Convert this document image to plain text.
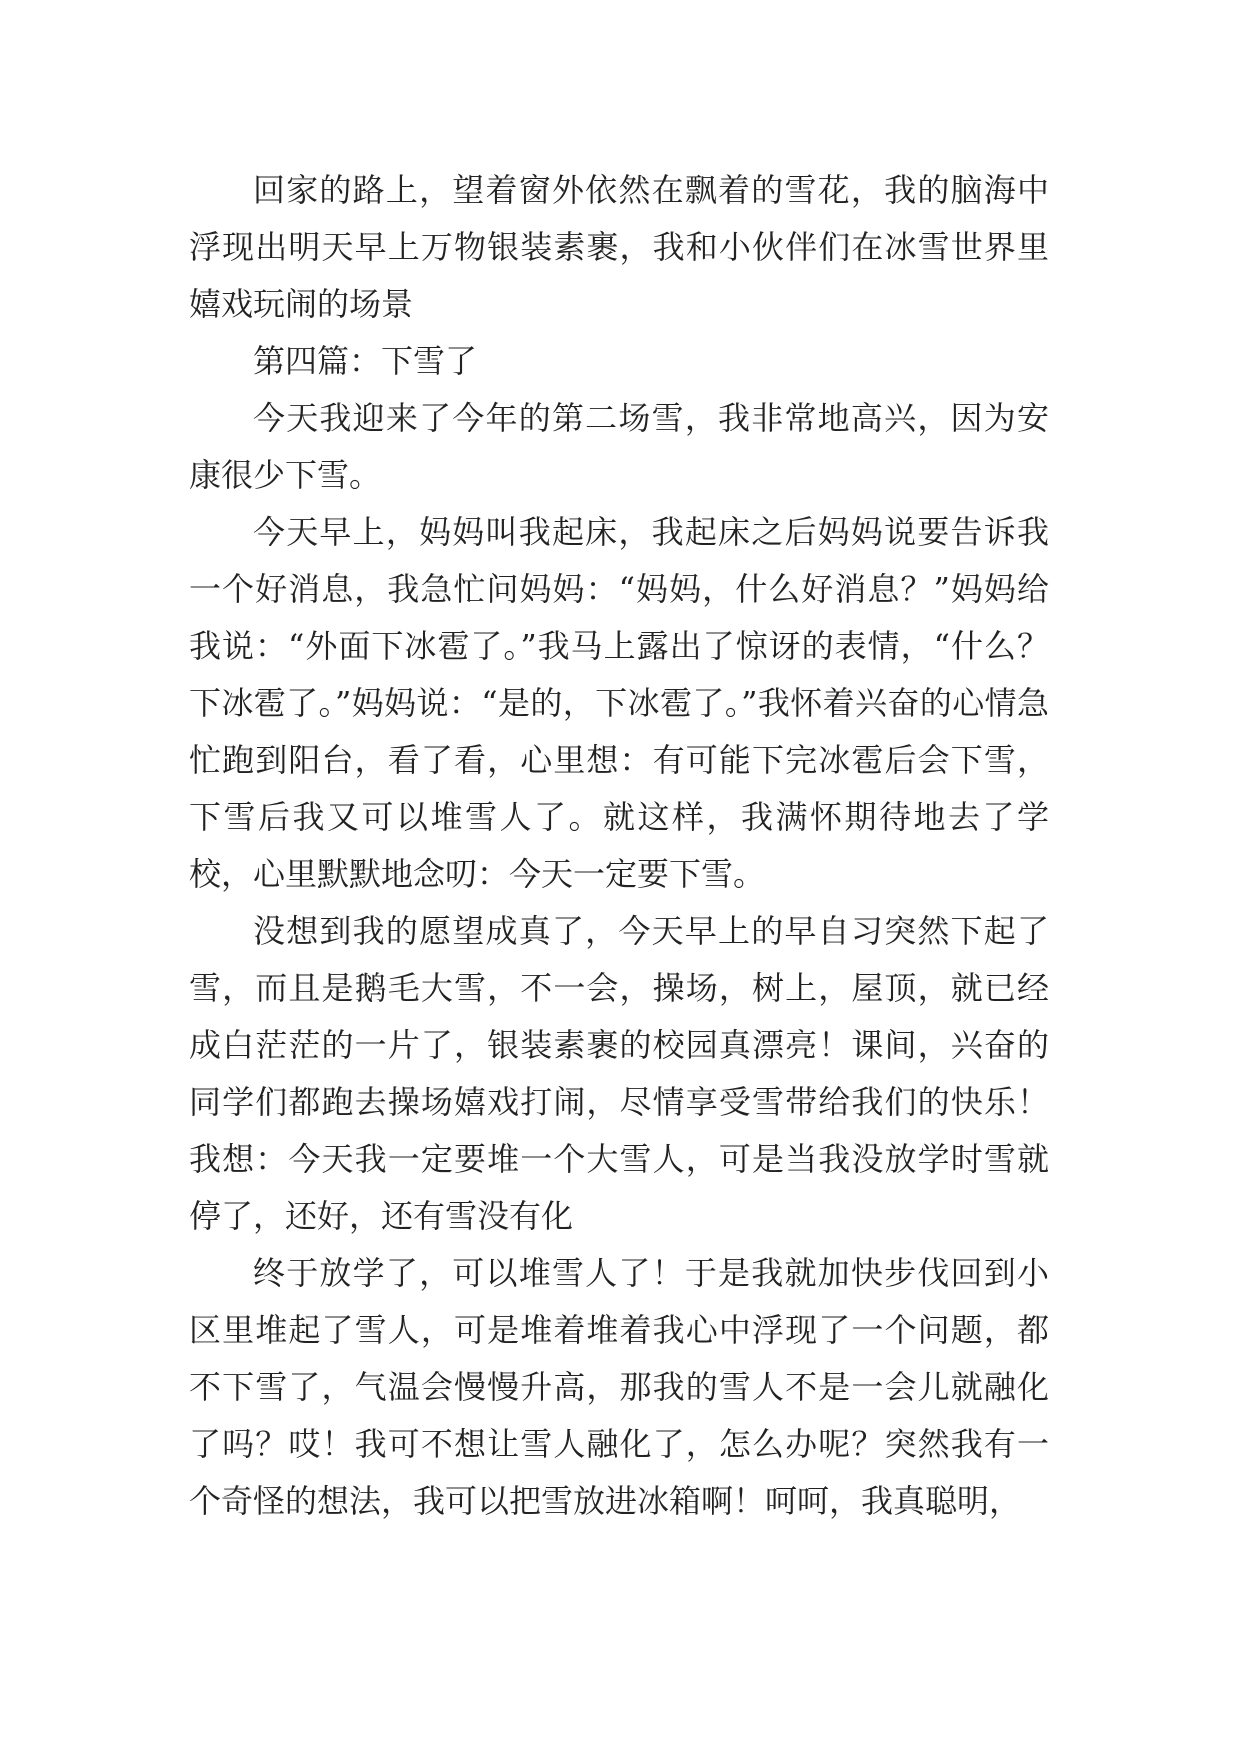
回家的路上，望着窗外依然在飘着的雪花，我的脑海中浮现出明天早上万物银装素裹，我和小伙伴们在冰雪世界里嬉戏玩闹的场景

第四篇：下雪了

今天我迎来了今年的第二场雪，我非常地高兴，因为安康很少下雪。

今天早上，妈妈叫我起床，我起床之后妈妈说要告诉我一个好消息，我急忙问妈妈：“妈妈，什么好消息？”妈妈给我说：“外面下冰雹了。”我马上露出了惊讶的表情，“什么？下冰雹了。”妈妈说：“是的，下冰雹了。”我怀着兴奋的心情急忙跑到阳台，看了看，心里想：有可能下完冰雹后会下雪，下雪后我又可以堆雪人了。就这样，我满怀期待地去了学校，心里默默地念叨：今天一定要下雪。

没想到我的愿望成真了，今天早上的早自习突然下起了雪，而且是鹅毛大雪，不一会，操场，树上，屋顶，就已经成白茫茫的一片了，银装素裹的校园真漂亮！课间，兴奋的同学们都跑去操场嬉戏打闹，尽情享受雪带给我们的快乐！我想：今天我一定要堆一个大雪人，可是当我没放学时雪就停了，还好，还有雪没有化

终于放学了，可以堆雪人了！于是我就加快步伐回到小区里堆起了雪人，可是堆着堆着我心中浮现了一个问题，都不下雪了，气温会慢慢升高，那我的雪人不是一会儿就融化了吗？哎！我可不想让雪人融化了，怎么办呢？突然我有一个奇怪的想法，我可以把雪放进冰箱啊！呵呵，我真聪明，
